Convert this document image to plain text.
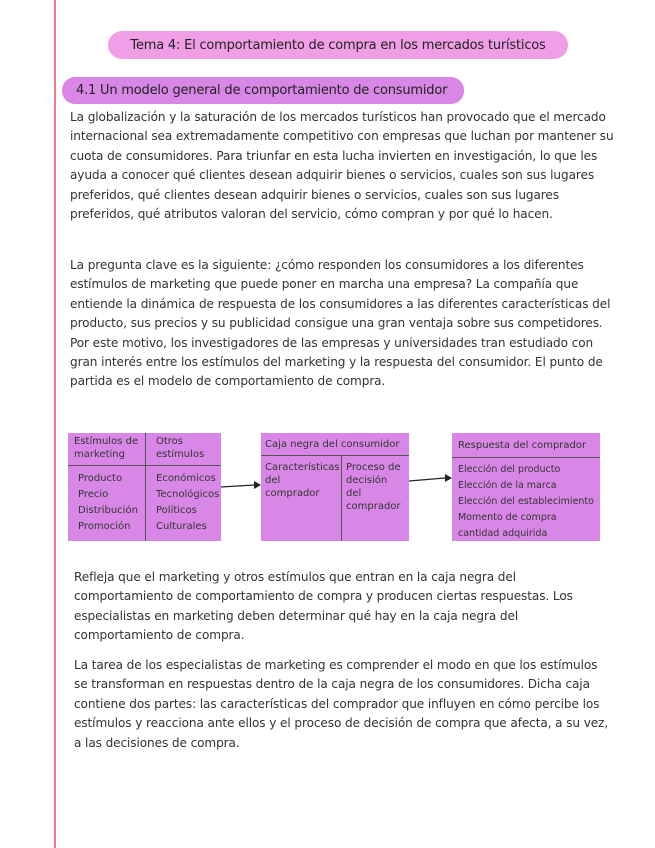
Tema 4: El comportamiento de compra en los mercados turísticos
4.1 Un modelo general de comportamiento de consumidor

La globalización y la saturación de los mercados turísticos han provocado que el mercado internacional sea extremadamente competitivo con empresas que luchan por mantener su cuota de consumidores. Para triunfar en esta lucha invierten en investigación, lo que les ayuda a conocer qué clientes desean adquirir bienes o servicios, cuales son sus lugares preferidos, qué clientes desean adquirir bienes o servicios, cuales son sus lugares preferidos, qué atributos valoran del servicio, cómo compran y por qué lo hacen.

La pregunta clave es la siguiente: ¿cómo responden los consumidores a los diferentes estímulos de marketing que puede poner en marcha una empresa? La compañía que entiende la dinámica de respuesta de los consumidores a las diferentes características del producto, sus precios y su publicidad consigue una gran ventaja sobre sus competidores. Por este motivo, los investigadores de las empresas y universidades tran estudiado con gran interés entre los estímulos del marketing y la respuesta del consumidor. El punto de partida es el modelo de comportamiento de compra.

Estímulos de marketing
Producto
Precio
Distribución
Promoción
Otros estímulos
Económicos
Tecnológicos
Políticos
Culturales
Caja negra del consumidor
Características del comprador
Proceso de decisión del comprador
Respuesta del comprador
Elección del producto
Elección de la marca
Elección del establecimiento
Momento de compra
cantidad adquirida

Refleja que el marketing y otros estímulos que entran en la caja negra del comportamiento de comportamiento de compra y producen ciertas respuestas. Los especialistas en marketing deben determinar qué hay en la caja negra del comportamiento de compra.

La tarea de los especialistas de marketing es comprender el modo en que los estímulos se transforman en respuestas dentro de la caja negra de los consumidores. Dicha caja contiene dos partes: las características del comprador que influyen en cómo percibe los estímulos y reacciona ante ellos y el proceso de decisión de compra que afecta, a su vez, a las decisiones de compra.
